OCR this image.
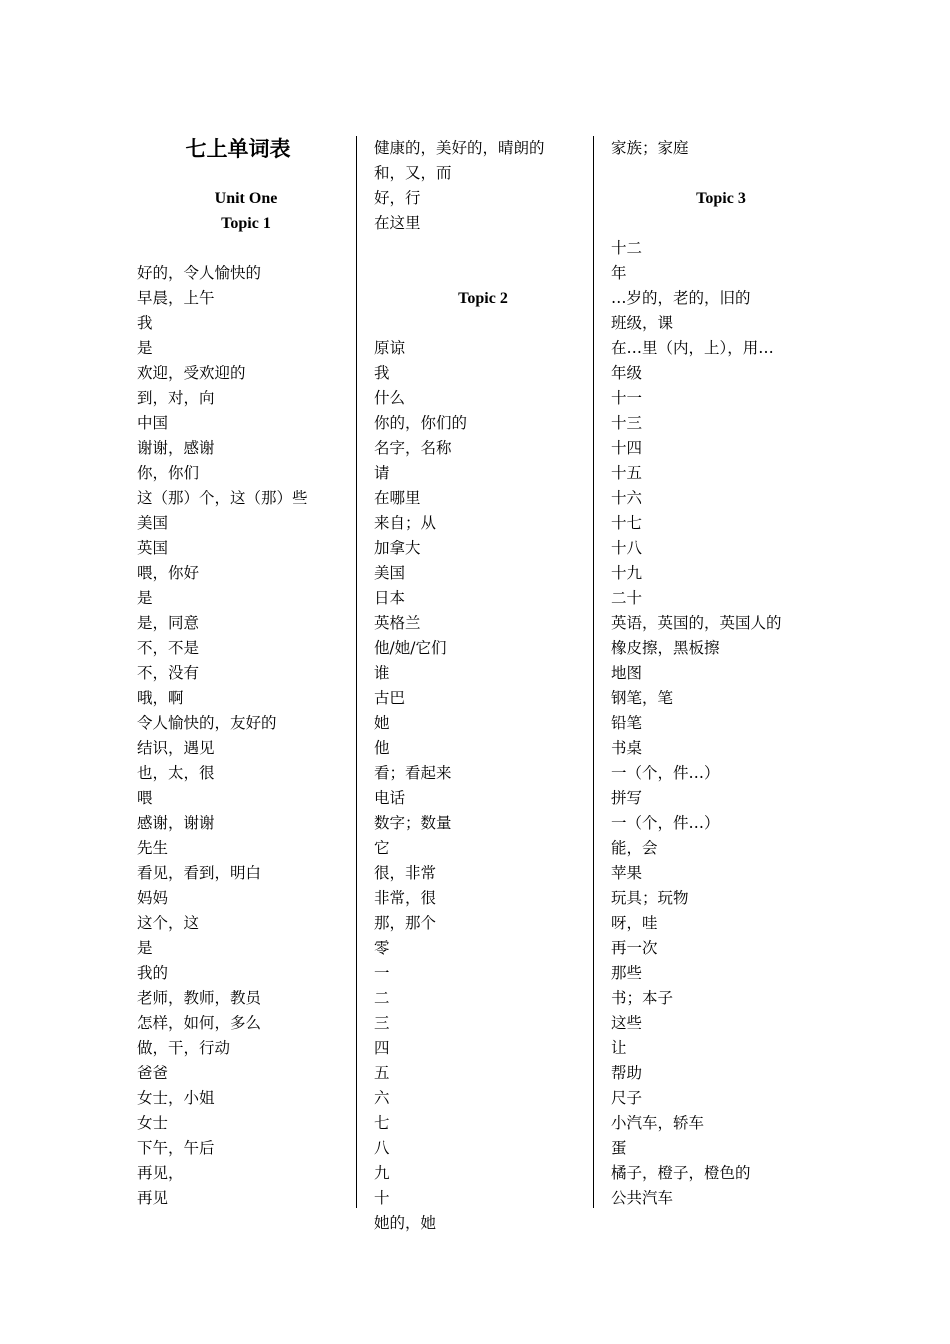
七上单词表
Unit One
Topic 1
好的，令人愉快的
早晨，上午
我
是
欢迎，受欢迎的
到，对，向
中国
谢谢，感谢
你，你们
这（那）个，这（那）些
美国
英国
喂，你好
是
是，同意
不，不是
不，没有
哦，啊
令人愉快的，友好的
结识，遇见
也，太，很
喂
感谢，谢谢
先生
看见，看到，明白
妈妈
这个，这
是
我的
老师，教师，教员
怎样，如何，多么
做，干，行动
爸爸
女士，小姐
女士
下午，午后
再见，
再见
健康的，美好的，晴朗的
和，又，而
好，行
在这里
Topic 2
原谅
我
什么
你的，你们的
名字，名称
请
在哪里
来自；从
加拿大
美国
日本
英格兰
他/她/它们
谁
古巴
她
他
看；看起来
电话
数字；数量
它
很，非常
非常，很
那，那个
零
一
二
三
四
五
六
七
八
九
十
她的，她
家族；家庭
Topic 3
十二
年
…岁的，老的，旧的
班级，课
在…里（内，上），用…
年级
十一
十三
十四
十五
十六
十七
十八
十九
二十
英语，英国的，英国人的
橡皮擦，黑板擦
地图
钢笔，笔
铅笔
书桌
一（个，件…）
拼写
一（个，件…）
能，会
苹果
玩具；玩物
呀，哇
再一次
那些
书；本子
这些
让
帮助
尺子
小汽车，轿车
蛋
橘子，橙子，橙色的
公共汽车
